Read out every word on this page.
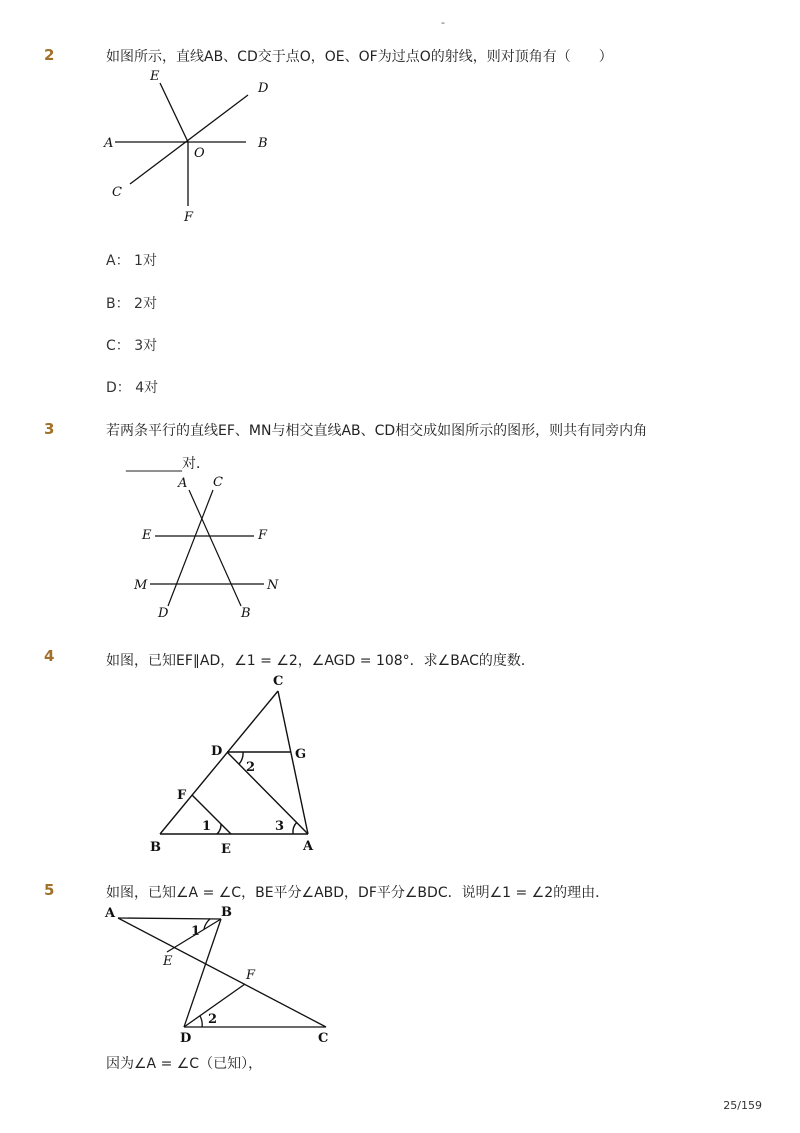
-
2	如图所示，直线AB、CD交于点O，OE、OF为过点O的射线，则对顶角有（　　）
E
D
A
O
B
C
F
A： 1对
B： 2对
C： 3对
D： 4对
3	若两条平行的直线EF、MN与相交直线AB、CD相交成如图所示的图形，则共有同旁内角
________对．
A C
E	F
M	N
D	B
4	如图，已知EF∥AD，∠1 = ∠2，∠AGD = 108°．求∠BAC的度数．
C
D	G
2
F
1	3
B	E	A
5	如图，已知∠A = ∠C，BE平分∠ABD，DF平分∠BDC．说明∠1 = ∠2的理由．
A	B
1
E
F
2
D	C
因为∠A = ∠C（已知），
25/159
